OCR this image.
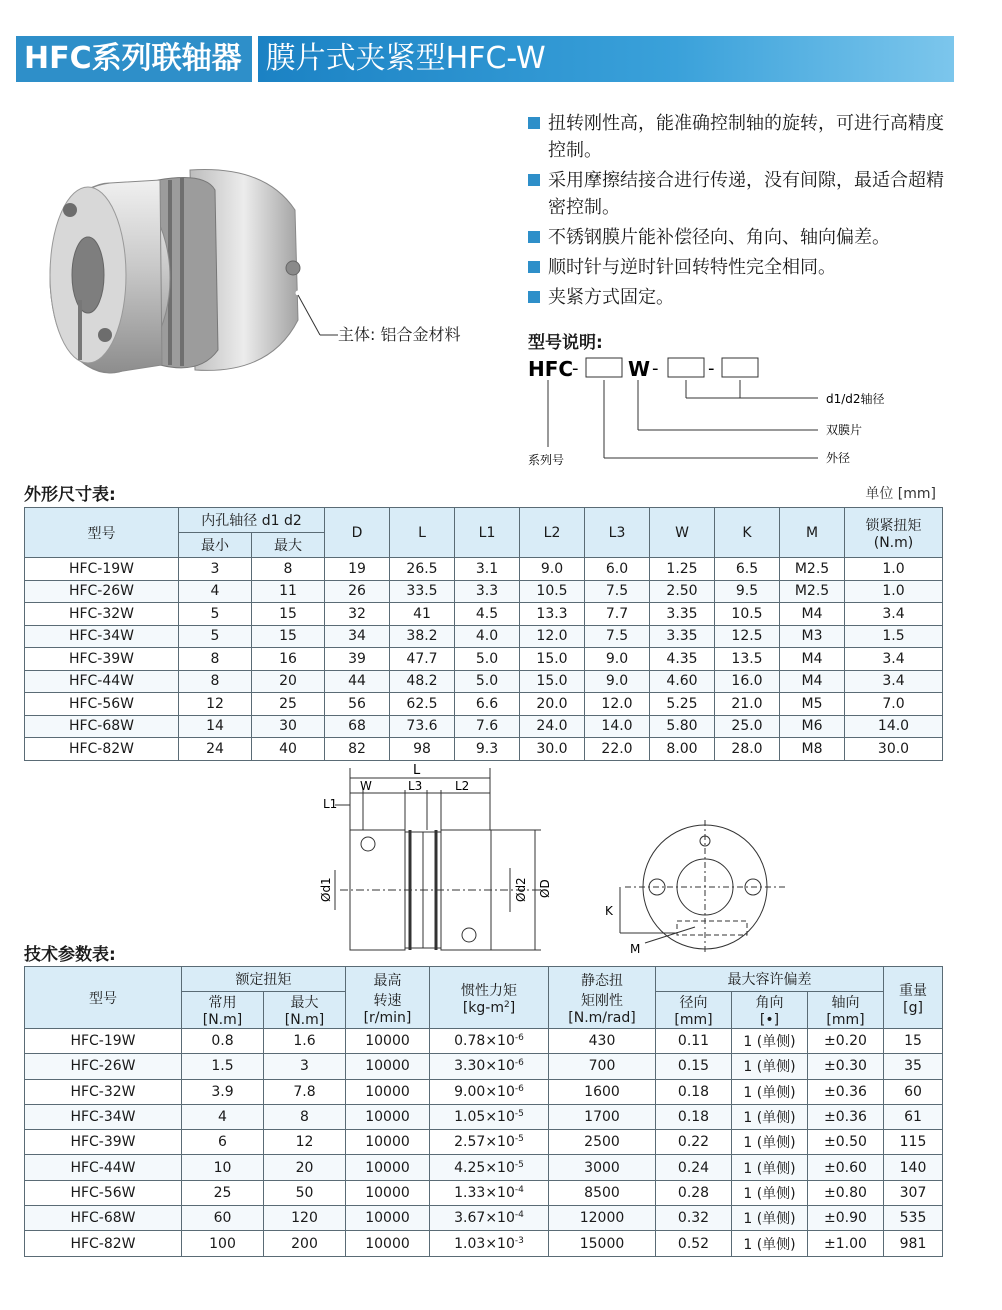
HFC系列联轴器 膜片式夹紧型HFC-W
主体: 铝合金材料
扭转刚性高，能准确控制轴的旋转，可进行高精度控制。
采用摩擦结接合进行传递，没有间隙，最适合超精密控制。
不锈钢膜片能补偿径向、角向、轴向偏差。
顺时针与逆时针回转特性完全相同。
夹紧方式固定。
型号说明:
HFC
- W -	-
系列号	外径
双膜片
d1/d2轴径
外形尺寸表:	单位 [mm]
型号	内孔轴径 d1 d2		D	L	L1	L2	L3	W	K	M	锁紧扭矩
(N.m)
	最小	最大									
HFC-19W	3	8	19	26.5	3.1	9.0	6.0	1.25	6.5	M2.5	1.0
HFC-26W	4	11	26	33.5	3.3	10.5	7.5	2.50	9.5	M2.5	1.0
HFC-32W	5	15	32	41	4.5	13.3	7.7	3.35	10.5	M4	3.4
HFC-34W	5	15	34	38.2	4.0	12.0	7.5	3.35	12.5	M3	1.5
HFC-39W	8	16	39	47.7	5.0	15.0	9.0	4.35	13.5	M4	3.4
HFC-44W	8	20	44	48.2	5.0	15.0	9.0	4.60	16.0	M4	3.4
HFC-56W	12	25	56	62.5	6.6	20.0	12.0	5.25	21.0	M5	7.0
HFC-68W	14	30	68	73.6	7.6	24.0	14.0	5.80	25.0	M6	14.0
HFC-82W	24	40	82	98	9.3	30.0	22.0	8.00	28.0	M8	30.0
L
W	L3	L2
L1
Ød1	Ød2 ØD
K
M
技术参数表:
型号	额定扭矩		最高
转速
[r/min]	惯性力矩
$[kg-m^2]$	静态扭
矩刚性
[N.m/rad]	最大容许偏差			重量
[g]
	常用
[N.m]	最大
[N.m]				径向
[mm]	角向
[•]	轴向
[mm]	
HFC-19W	0.8	1.6	10000	$0.78\times 10^{-6}$	430	0.11	1 (单侧)	±0.20	15
HFC-26W	1.5	3	10000	$3.30\times 10^{-6}$	700	0.15	1 (单侧)	±0.30	35
HFC-32W	3.9	7.8	10000	$9.00\times 10^{-6}$	1600	0.18	1 (单侧)	±0.36	60
HFC-34W	4	8	10000	$1.05\times 10^{-5}$	1700	0.18	1 (单侧)	±0.36	61
HFC-39W	6	12	10000	$2.57\times 10^{-5}$	2500	0.22	1 (单侧)	±0.50	115
HFC-44W	10	20	10000	$4.25\times 10^{-5}$	3000	0.24	1 (单侧)	±0.60	140
HFC-56W	25	50	10000	$1.33\times 10^{-4}$	8500	0.28	1 (单侧)	±0.80	307
HFC-68W	60	120	10000	$3.67\times 10^{-4}$	12000	0.32	1 (单侧)	±0.90	535
HFC-82W	100	200	10000	$1.03\times 10^{-3}$	15000	0.52	1 (单侧)	±1.00	981
